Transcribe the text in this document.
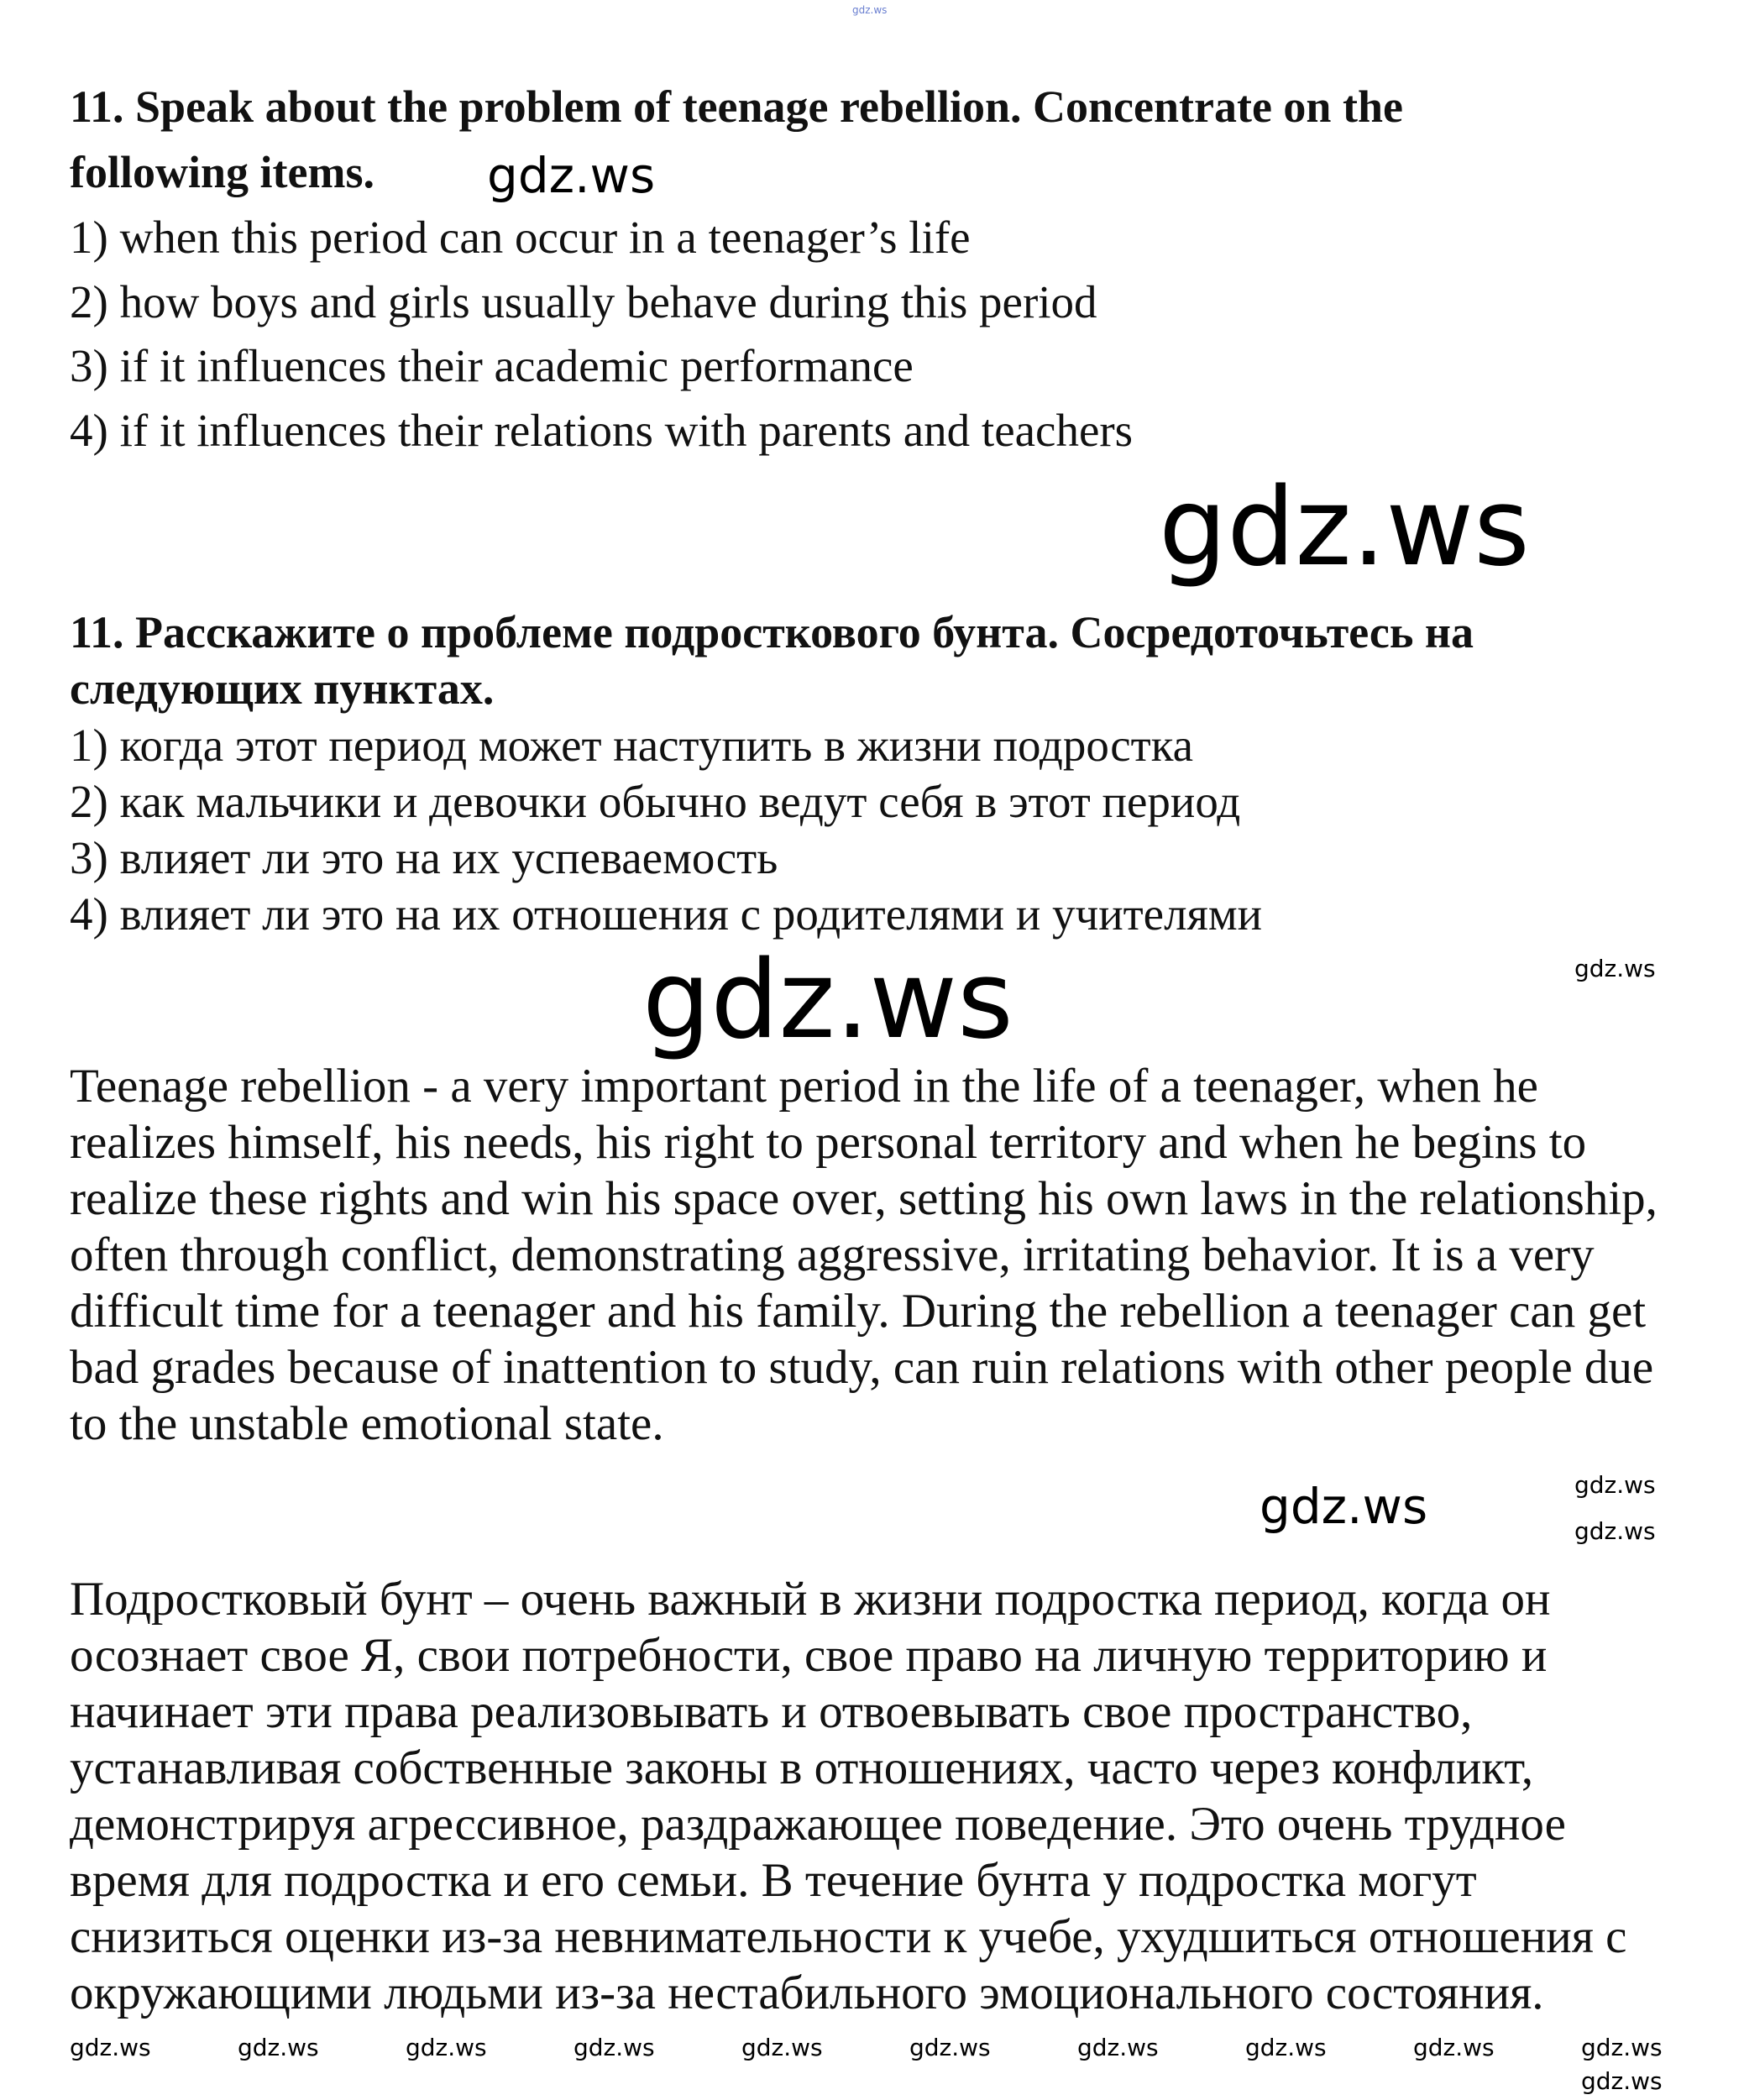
gdz.ws
11. Speak about the problem of teenage rebellion. Concentrate on the
following items.
1) when this period can occur in a teenager’s life
2) how boys and girls usually behave during this period
3) if it influences their academic performance
4) if it influences their relations with parents and teachers
gdz.ws
gdz.ws
11. Расскажите о проблеме подросткового бунта. Сосредоточьтесь на
следующих пунктах.
1) когда этот период может наступить в жизни подростка
2) как мальчики и девочки обычно ведут себя в этот период
3) влияет ли это на их успеваемость
4) влияет ли это на их отношения с родителями и учителями
gdz.ws
gdz.ws
Teenage rebellion - a very important period in the life of a teenager, when he
realizes himself, his needs, his right to personal territory and when he begins to
realize these rights and win his space over, setting his own laws in the relationship,
often through conflict, demonstrating aggressive, irritating behavior. It is a very
difficult time for a teenager and his family. During the rebellion a teenager can get
bad grades because of inattention to study, can ruin relations with other people due
to the unstable emotional state.
gdz.ws
gdz.ws
gdz.ws
Подростковый бунт – очень важный в жизни подростка период, когда он
осознает свое Я, свои потребности, свое право на личную территорию и
начинает эти права реализовывать и отвоевывать свое пространство,
устанавливая собственные законы в отношениях, часто через конфликт,
демонстрируя агрессивное, раздражающее поведение. Это очень трудное
время для подростка и его семьи. В течение бунта у подростка могут
снизиться оценки из-за невнимательности к учебе, ухудшиться отношения с
окружающими людьми из-за нестабильного эмоционального состояния.
gdz.ws	gdz.ws	gdz.ws	gdz.ws	gdz.ws	gdz.ws	gdz.ws	gdz.ws	gdz.ws	gdz.ws
gdz.ws
